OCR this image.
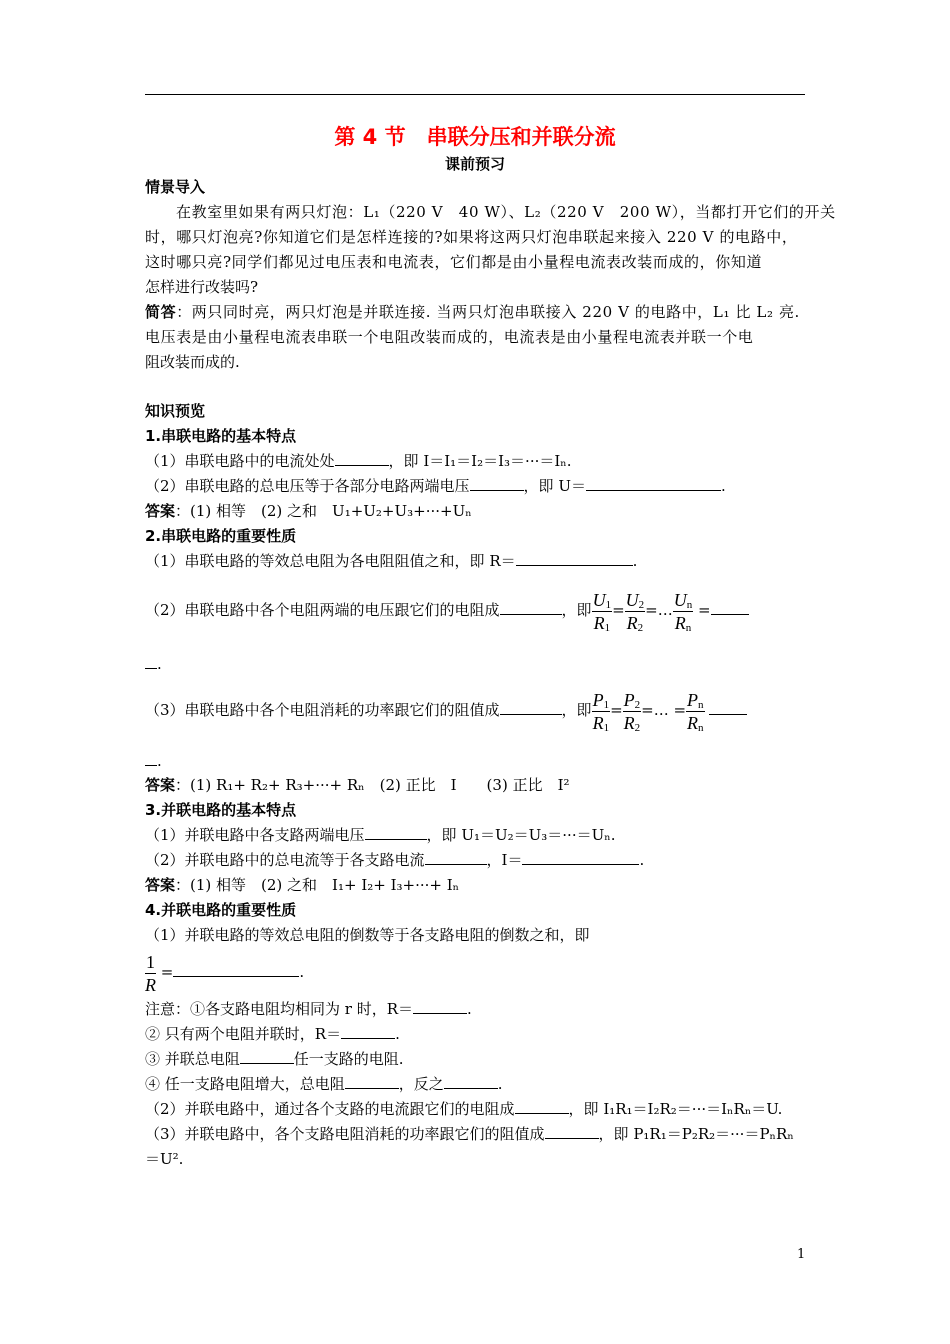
第 4 节　串联分压和并联分流
课前预习
情景导入
在教室里如果有两只灯泡：L₁（220 V　40 W）、L₂（220 V　200 W），当都打开它们的开关
时，哪只灯泡亮?你知道它们是怎样连接的?如果将这两只灯泡串联起来接入 220 V 的电路中，
这时哪只亮?同学们都见过电压表和电流表，它们都是由小量程电流表改装而成的，你知道
怎样进行改装吗?
简答：两只同时亮，两只灯泡是并联连接. 当两只灯泡串联接入 220 V 的电路中，L₁ 比 L₂ 亮.
电压表是由小量程电流表串联一个电阻改装而成的，电流表是由小量程电流表并联一个电
阻改装而成的.
知识预览
1.串联电路的基本特点
（1）串联电路中的电流处处	，即 I＝I₁＝I₂＝I₃＝···＝Iₙ.
（2）串联电路的总电压等于各部分电路两端电压	，即 U＝	.
答案：(1) 相等　(2) 之和　U₁+U₂+U₃+···+Uₙ
2.串联电路的重要性质
（1）串联电路的等效总电阻为各电阻阻值之和，即 R＝	.
（2）串联电路中各个电阻两端的电压跟它们的电阻成	，即 $\frac{U_1}{R_1} = \frac{U_2}{R_2}$ =… $\frac{U_n}{R_n}$ =
.
（3）串联电路中各个电阻消耗的功率跟它们的阻值成	，即 $\frac{P_1}{R_1} = \frac{P_2}{R_2}$ =… = $\frac{P_n}{R_n}$

.
答案：(1) R₁+ R₂+ R₃+···+ Rₙ　(2) 正比　I　　(3) 正比　I²
3.并联电路的基本特点
（1）并联电路中各支路两端电压	，即 U₁＝U₂＝U₃＝···＝Uₙ.
（2）并联电路中的总电流等于各支路电流	，I＝	.
答案：(1) 相等　(2) 之和　I₁+ I₂+ I₃+···+ Iₙ
4.并联电路的重要性质
（1）并联电路的等效总电阻的倒数等于各支路电阻的倒数之和，即
$\frac{1}{R}$ =	.
注意：①各支路电阻均相同为 r 时，R＝	.
② 只有两个电阻并联时，R＝	.
③ 并联总电阻	任一支路的电阻.
④ 任一支路电阻增大，总电阻	，反之	.
（2）并联电路中，通过各个支路的电流跟它们的电阻成	，即 I₁R₁＝I₂R₂＝···＝IₙRₙ＝U.
（3）并联电路中，各个支路电阻消耗的功率跟它们的阻值成	，即 P₁R₁＝P₂R₂＝···＝PₙRₙ
＝U².
1
